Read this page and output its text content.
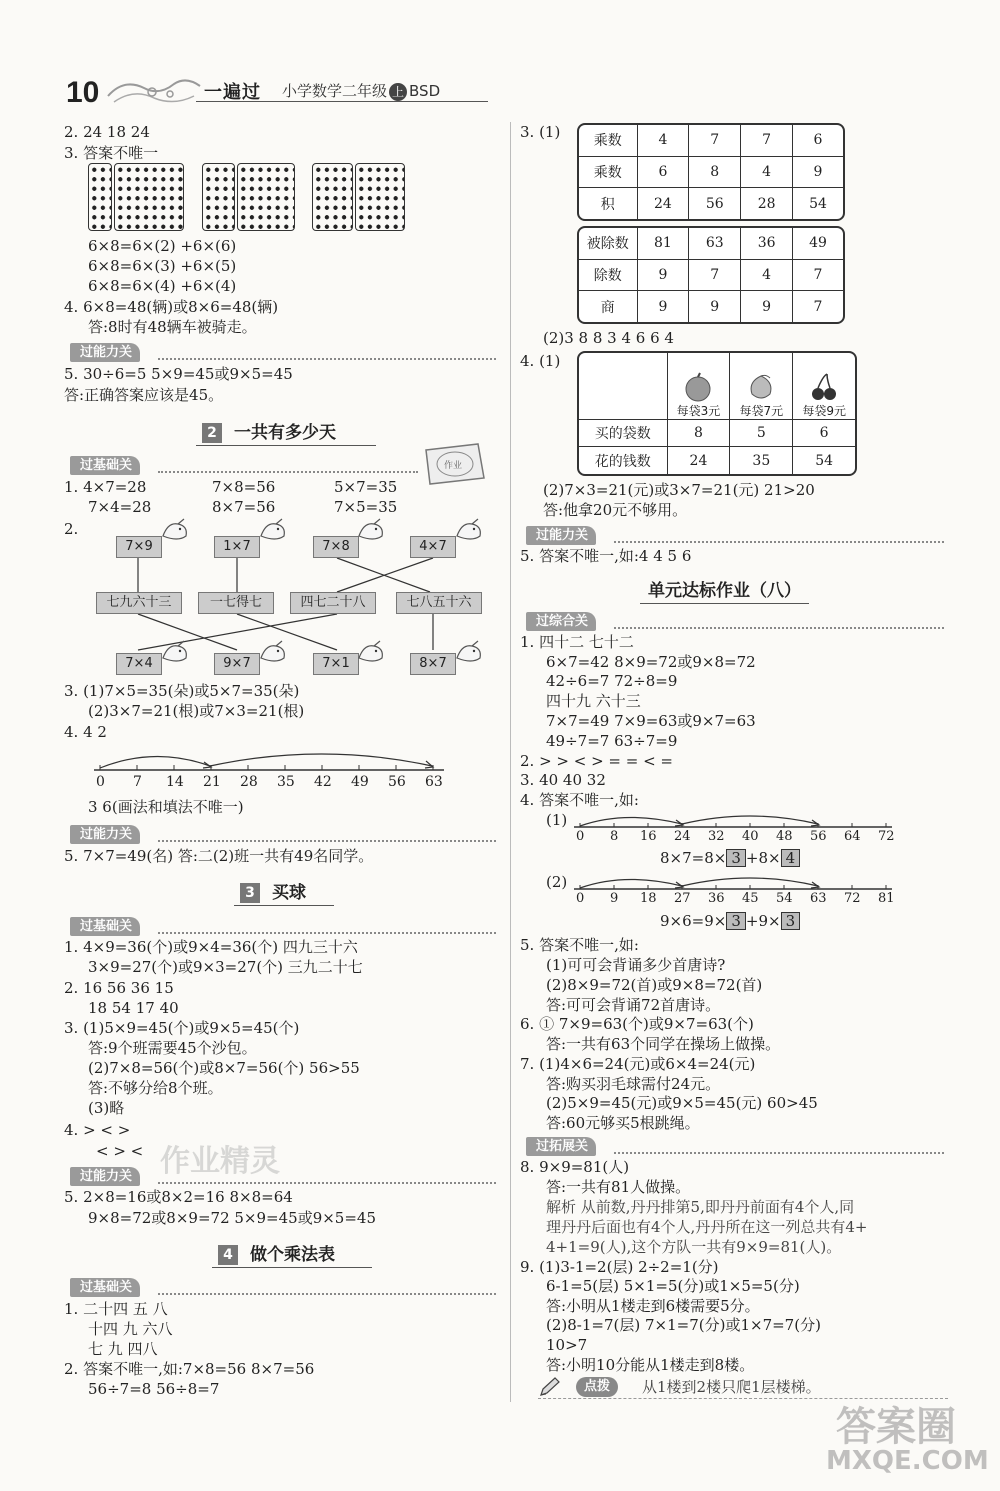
10	一遍过 小学数学二年级 上 BSD
2. 24 18 24
3. 答案不唯一
6×8=6×(2) +6×(6)
6×8=6×(3) +6×(5)
6×8=6×(4) +6×(4)
4. 6×8=48(辆)或8×6=48(辆)
答:8时有48辆车被骑走。
过能力关
5. 30÷6=5 5×9=45或9×5=45
答:正确答案应该是45。
2 一共有多少天
作业
过基础关
1. 4×7=28	7×8=56	5×7=35
7×4=28	8×7=56	7×5=35
2.
7×9	1×7	7×8	4×7
七九六十三	一七得七	四七二十八	七八五十六
7×4	9×7	7×1	8×7
3. (1)7×5=35(朵)或5×7=35(朵)
(2)3×7=21(根)或7×3=21(根)
4. 4 2
0 7 14 21 28 35 42 49 56 63
3 6(画法和填法不唯一)
过能力关
5. 7×7=49(名) 答:二(2)班一共有49名同学。
3 买球
过基础关
1. 4×9=36(个)或9×4=36(个) 四九三十六
3×9=27(个)或9×3=27(个) 三九二十七
2. 16 56 36 15
18 54 17 40
3. (1)5×9=45(个)或9×5=45(个)
答:9个班需要45个沙包。
(2)7×8=56(个)或8×7=56(个) 56>55
答:不够分给8个班。
(3)略
4. > < >
< > < 作业精灵
过能力关
5. 2×8=16或8×2=16 8×8=64
9×8=72或8×9=72 5×9=45或9×5=45
4 做个乘法表
过基础关
1. 二十四 五 八
十四 九 六八
七 九 四八
2. 答案不唯一,如:7×8=56 8×7=56
56÷7=8 56÷8=7
3. (1)
乘数	4	7	7	6
乘数	6	8	4	9
积	24	56	28	54
被除数	81	63	36	49
除数	9	7	4	7
商	9	9	9	7
(2)3 8 8 3 4 6 6 4
4. (1)

	每袋3元	每袋7元	每袋9元

买的袋数	8	5	6
花的钱数	24	35	54
(2)7×3=21(元)或3×7=21(元) 21>20
答:他拿20元不够用。
过能力关
5. 答案不唯一,如:4 4 5 6
单元达标作业（八）
过综合关
1. 四十二 七十二
6×7=42 8×9=72或9×8=72
42÷6=7 72÷8=9
四十九 六十三
7×7=49 7×9=63或9×7=63
49÷7=7 63÷7=9
2. > > < > = = < =
3. 40 40 32
4. 答案不唯一,如:
(1)
0 8 16 24 32 40 48 56 64 72
8×7=8× 3 +8× 4
(2)
0 9 18 27 36 45 54 63 72 81
9×6=9× 3 +9× 3
5. 答案不唯一,如:
(1)可可会背诵多少首唐诗?
(2)8×9=72(首)或9×8=72(首)
答:可可会背诵72首唐诗。
6. ① 7×9=63(个)或9×7=63(个)
答:一共有63个同学在操场上做操。
7. (1)4×6=24(元)或6×4=24(元)
答:购买羽毛球需付24元。
(2)5×9=45(元)或9×5=45(元) 60>45
答:60元够买5根跳绳。
过拓展关
8. 9×9=81(人)
答:一共有81人做操。
解析 从前数,丹丹排第5,即丹丹前面有4个人,同
理丹丹后面也有4个人,丹丹所在这一列总共有4+
4+1=9(人),这个方队一共有9×9=81(人)。
9. (1)3-1=2(层) 2÷2=1(分)
6-1=5(层) 5×1=5(分)或1×5=5(分)
答:小明从1楼走到6楼需要5分。
(2)8-1=7(层) 7×1=7(分)或1×7=7(分)
10>7
答:小明10分能从1楼走到8楼。
点拨	从1楼到2楼只爬1层楼梯。
答案圈
MXQE.COM
